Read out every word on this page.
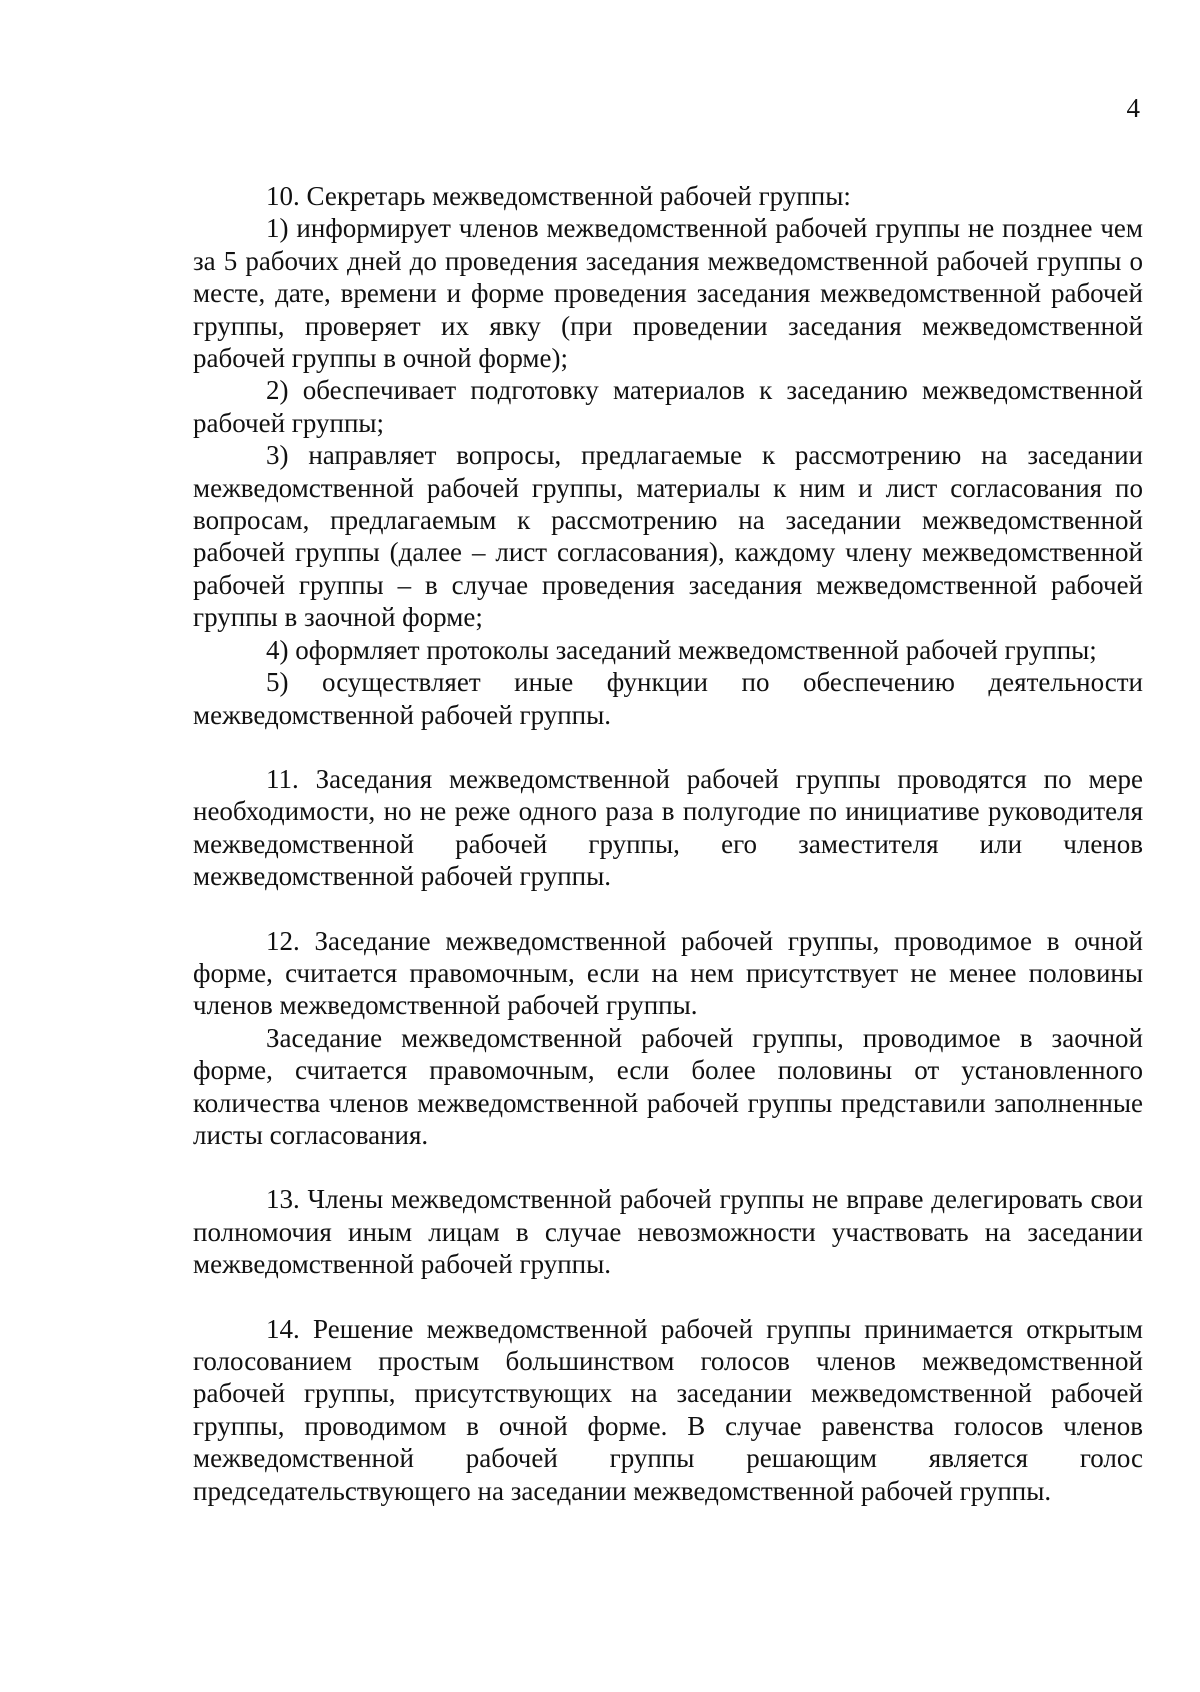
4

10. Секретарь межведомственной рабочей группы:

1) информирует членов межведомственной рабочей группы не позднее чем за 5 рабочих дней до проведения заседания межведомственной рабочей группы о месте, дате, времени и форме проведения заседания межведомственной рабочей группы, проверяет их явку (при проведении заседания межведомственной рабочей группы в очной форме);

2) обеспечивает подготовку материалов к заседанию межведомственной рабочей группы;

3) направляет вопросы, предлагаемые к рассмотрению на заседании межведомственной рабочей группы, материалы к ним и лист согласования по вопросам, предлагаемым к рассмотрению на заседании межведомственной рабочей группы (далее – лист согласования), каждому члену межведомственной рабочей группы – в случае проведения заседания межведомственной рабочей группы в заочной форме;

4) оформляет протоколы заседаний межведомственной рабочей группы;

5) осуществляет иные функции по обеспечению деятельности межведомственной рабочей группы.

11. Заседания межведомственной рабочей группы проводятся по мере необходимости, но не реже одного раза в полугодие по инициативе руководителя межведомственной рабочей группы, его заместителя или членов межведомственной рабочей группы.

12. Заседание межведомственной рабочей группы, проводимое в очной форме, считается правомочным, если на нем присутствует не менее половины членов межведомственной рабочей группы.

Заседание межведомственной рабочей группы, проводимое в заочной форме, считается правомочным, если более половины от установленного количества членов межведомственной рабочей группы представили заполненные листы согласования.

13. Члены межведомственной рабочей группы не вправе делегировать свои полномочия иным лицам в случае невозможности участвовать на заседании межведомственной рабочей группы.

14. Решение межведомственной рабочей группы принимается открытым голосованием простым большинством голосов членов межведомственной рабочей группы, присутствующих на заседании межведомственной рабочей группы, проводимом в очной форме. В случае равенства голосов членов межведомственной рабочей группы решающим является голос председательствующего на заседании межведомственной рабочей группы.
